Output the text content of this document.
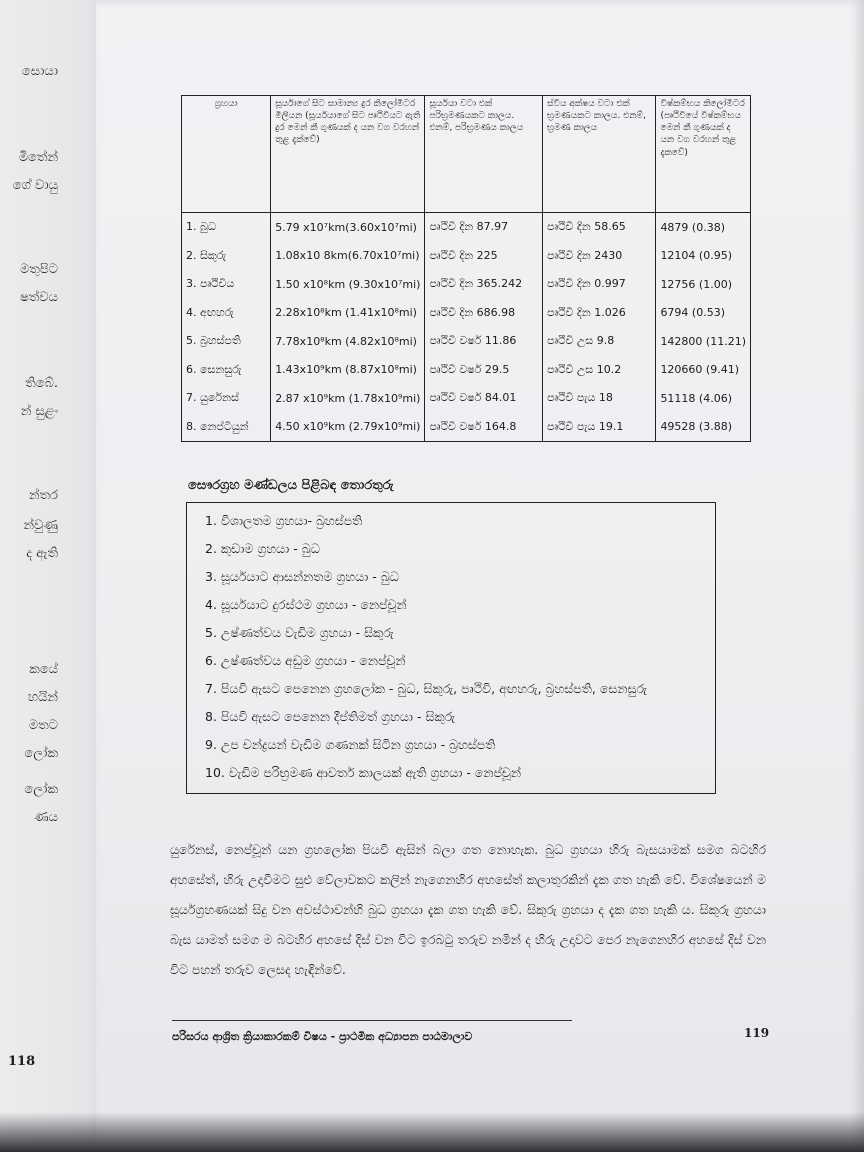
සොයා
මිතේන්
ගේ වායු
මතුපිට
ෂත්වය
තිබේ.
න් සුළං
න්තර
න්වුණු
ද ඇති
කයේ
හයින්
මතට
ලෝක
ලෝක
ණය
118
ග්‍රහයා	සූර්යාගේ සිට සාමාන්‍ය දුර කිලෝමීටර මිලියන (සූර්යයාගේ සිට පෘථිවියට ඇති දුර මෙන් කී ගුණයක් ද යන වග වරහන් තුළ දැක්වේ)	සූර්යයා වටා එක් පරිභ්‍රමණයකට කාලය. එනම්, පරිභ්‍රමණය කාලය	ස්වීය අක්ෂය වටා එක් භ්‍රමණයකට කාලය. එනම්, භ්‍රමණ කාලය	විෂ්කම්භය කිලෝමීටර (පෘථිවියේ විෂ්කම්භය මෙන් කී ගුණයක් ද යන වග වරහන් තුළ දැකවේ)
1. බුධ	5.79 x10⁷km(3.60x10⁷mi)	පෘථිවි දින 87.97	පෘථිවි දින 58.65	4879 (0.38)
2. සිකුරු	1.08x10 8km(6.70x10⁷mi)	පෘථිවි දින 225	පෘථිවි දින 2430	12104 (0.95)
3. පෘථිවිය	1.50 x10⁸km (9.30x10⁷mi)	පෘථිවි දින 365.242	පෘථිවි දින 0.997	12756 (1.00)
4. අඟහරු	2.28x10⁸km (1.41x10⁸mi)	පෘථිවි දින 686.98	පෘථිවි දින 1.026	6794 (0.53)
5. බ්‍රහස්පති	7.78x10⁸km (4.82x10⁸mi)	පෘථිවි වර්ෂ 11.86	පෘථිවි උස 9.8	142800 (11.21)
6. සෙනසුරු	1.43x10⁹km (8.87x10⁸mi)	පෘථිවි වර්ෂ 29.5	පෘථිවි උස 10.2	120660 (9.41)
7. යුරේනස්	2.87 x10⁹km (1.78x10⁹mi)	පෘථිවි වර්ෂ 84.01	පෘථිවි පැය 18	51118 (4.06)
8. නෙප්ටියුන්	4.50 x10⁹km (2.79x10⁹mi)	පෘථිවි වර්ෂ 164.8	පෘථිවි පැය 19.1	49528 (3.88)
සෞරග්‍රහ මණ්ඩලය පිළිබඳ තොරතුරු
1. විශාලතම ග්‍රහයා- බ්‍රහස්පති
2. කුඩාම ග්‍රහයා - බුධ
3. සූර්යයාට ආසන්නතම ග්‍රහයා - බුධ
4. සූර්යයාට දුරස්ථම ග්‍රහයා - නෙප්චූන්
5. උෂ්ණත්වය වැඩිම ග්‍රහයා - සිකුරු
6. උෂ්ණත්වය අඩුම ග්‍රහයා - නෙප්චූන්
7. පියවි ඇසට පෙනෙන ග්‍රහලෝක - බුධ, සිකුරු, පෘථිවි, අඟහරු, බ්‍රහස්පති, සෙනසුරු
8. පියවි ඇසට පෙනෙන දීප්තිමත් ග්‍රහයා - සිකුරු
9. උප චන්ද්‍රයන් වැඩිම ගණනක් සිටින ග්‍රහයා - බ්‍රහස්පති
10. වැඩිම පරිභ්‍රමණ ආවර්ත කාලයක් ඇති ග්‍රහයා - නෙප්චූන්

යුරේනස්, නෙප්චූන් යන ග්‍රහලෝක පියවි ඇසින් බලා ගත නොහැක. බුධ ග්‍රහයා හිරු බැසයාමක් සමග බටහිර අහසේත්, හිරු උදාවීමට සුළු වේලාවකට කලින් නැගෙනහිර අහසේත් කලාතුරකින් දැක ගත හැකි වේ. විශේෂයෙන් ම සූර්යග්‍රහණයක් සිදු වන අවස්ථාවන්හි බුධ ග්‍රහයා දැක ගත හැකි වේ. සිකුරු ග්‍රහයා ද දැක ගත හැකි ය. සිකුරු ග්‍රහයා බැස යාමත් සමග ම බටහිර අහසේ දිස් වන විට ඉරබටු තරුව නමින් ද හිරු උදාවට පෙර නැගෙනහිර අහසේ දිස් වන විට පහන් තරුව ලෙසද හැඳින්වේ.

පරිසරය ආශ්‍රිත ක්‍රියාකාරකම් විෂය - ප්‍රාථමික අධ්‍යාපන පාඨමාලාව	119
